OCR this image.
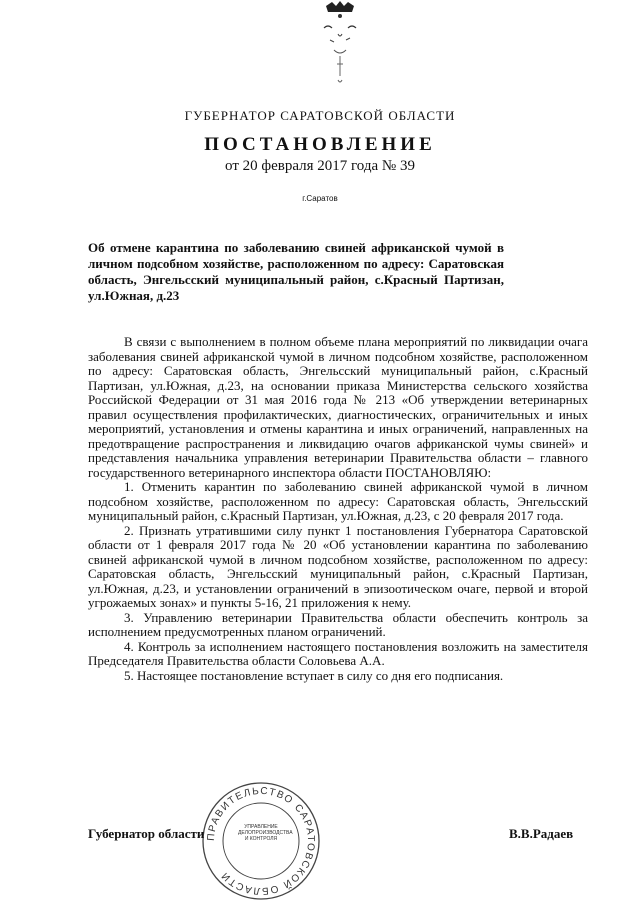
ГУБЕРНАТОР САРАТОВСКОЙ ОБЛАСТИ
ПОСТАНОВЛЕНИЕ
от 20 февраля 2017 года № 39
г.Саратов
Об отмене карантина по заболеванию свиней африканской чумой в личном подсобном хозяйстве, расположенном по адресу: Саратовская область, Энгельсский муниципальный район, с.Красный Партизан, ул.Южная, д.23

В связи с выполнением в полном объеме плана мероприятий по ликвидации очага заболевания свиней африканской чумой в личном подсобном хозяйстве, расположенном по адресу: Саратовская область, Энгельсский муниципальный район, с.Красный Партизан, ул.Южная, д.23, на основании приказа Министерства сельского хозяйства Российской Федерации от 31 мая 2016 года № 213 «Об утверждении ветеринарных правил осуществления профилактических, диагностических, ограничительных и иных мероприятий, установления и отмены карантина и иных ограничений, направленных на предотвращение распространения и ликвидацию очагов африканской чумы свиней» и представления начальника управления ветеринарии Правительства области – главного государственного ветеринарного инспектора области ПОСТАНОВЛЯЮ:

1. Отменить карантин по заболеванию свиней африканской чумой в личном подсобном хозяйстве, расположенном по адресу: Саратовская область, Энгельсский муниципальный район, с.Красный Партизан, ул.Южная, д.23, с 20 февраля 2017 года.

2. Признать утратившими силу пункт 1 постановления Губернатора Саратовской области от 1 февраля 2017 года № 20 «Об установлении карантина по заболеванию свиней африканской чумой в личном подсобном хозяйстве, расположенном по адресу: Саратовская область, Энгельсский муниципальный район, с.Красный Партизан, ул.Южная, д.23, и установлении ограничений в эпизоотическом очаге, первой и второй угрожаемых зонах» и пункты 5-16, 21 приложения к нему.

3. Управлению ветеринарии Правительства области обеспечить контроль за исполнением предусмотренных планом ограничений.

4. Контроль за исполнением настоящего постановления возложить на заместителя Председателя Правительства области Соловьева А.А.

5. Настоящее постановление вступает в силу со дня его подписания.

ПРАВИТЕЛЬСТВО САРАТОВСКОЙ ОБЛАСТИ
УПРАВЛЕНИЕ
ДЕЛОПРОИЗВОДСТВА
И КОНТРОЛЯ
Губернатор области	В.В.Радаев
